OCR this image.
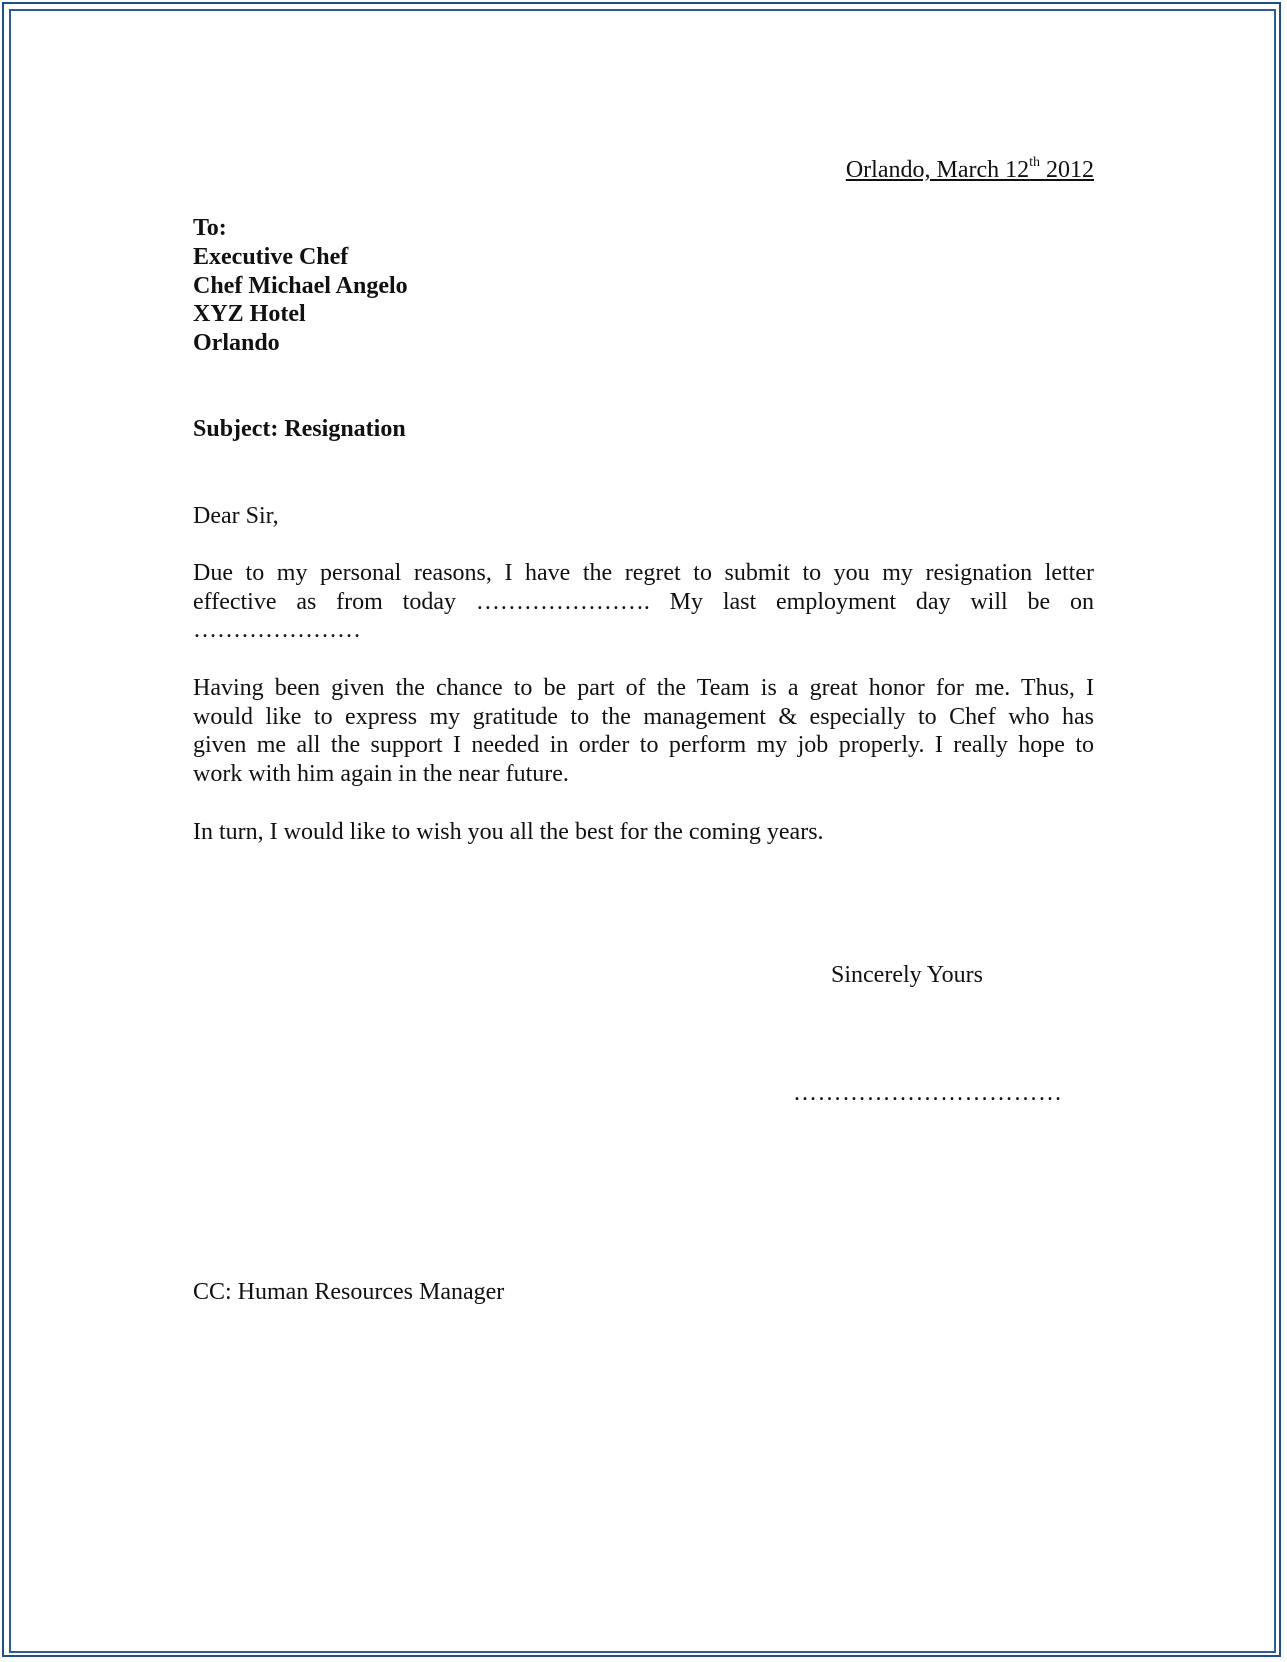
Orlando, March 12th 2012
To:
Executive Chef
Chef Michael Angelo
XYZ Hotel
Orlando
Subject: Resignation
Dear Sir,
Due to my personal reasons, I have the regret to submit to you my resignation letter
effective as from today …………………. My last employment day will be on
…………………
Having been given the chance to be part of the Team is a great honor for me. Thus, I
would like to express my gratitude to the management & especially to Chef who has
given me all the support I needed in order to perform my job properly. I really hope to
work with him again in the near future.
In turn, I would like to wish you all the best for the coming years.
Sincerely Yours
……………………………
CC: Human Resources Manager
